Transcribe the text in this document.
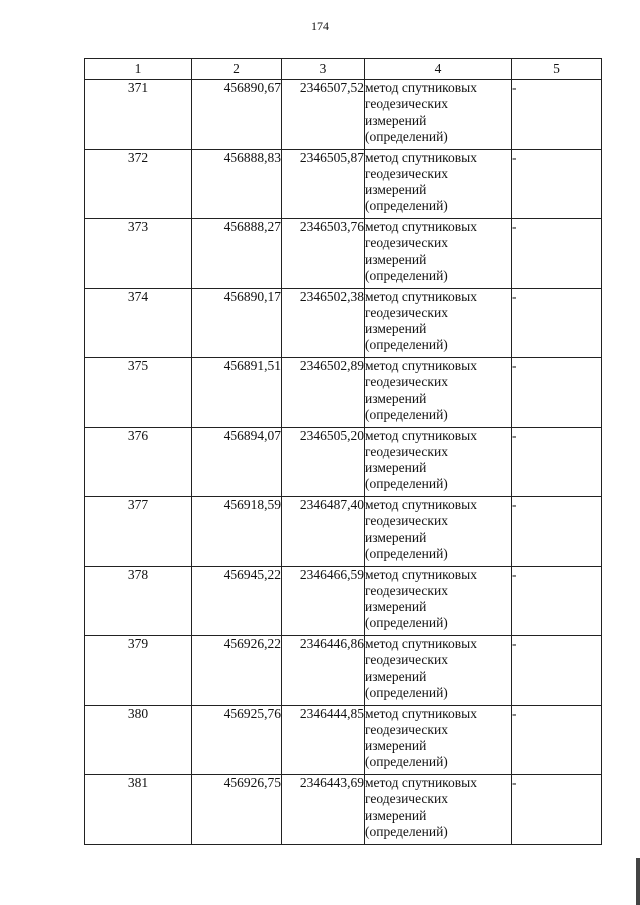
174
1	2	3	4	5
371	456890,67	2346507,52	метод спутниковых геодезических измерений (определений)	-
372	456888,83	2346505,87	метод спутниковых геодезических измерений (определений)	-
373	456888,27	2346503,76	метод спутниковых геодезических измерений (определений)	-
374	456890,17	2346502,38	метод спутниковых геодезических измерений (определений)	-
375	456891,51	2346502,89	метод спутниковых геодезических измерений (определений)	-
376	456894,07	2346505,20	метод спутниковых геодезических измерений (определений)	-
377	456918,59	2346487,40	метод спутниковых геодезических измерений (определений)	-
378	456945,22	2346466,59	метод спутниковых геодезических измерений (определений)	-
379	456926,22	2346446,86	метод спутниковых геодезических измерений (определений)	-
380	456925,76	2346444,85	метод спутниковых геодезических измерений (определений)	-
381	456926,75	2346443,69	метод спутниковых геодезических измерений (определений)	-
